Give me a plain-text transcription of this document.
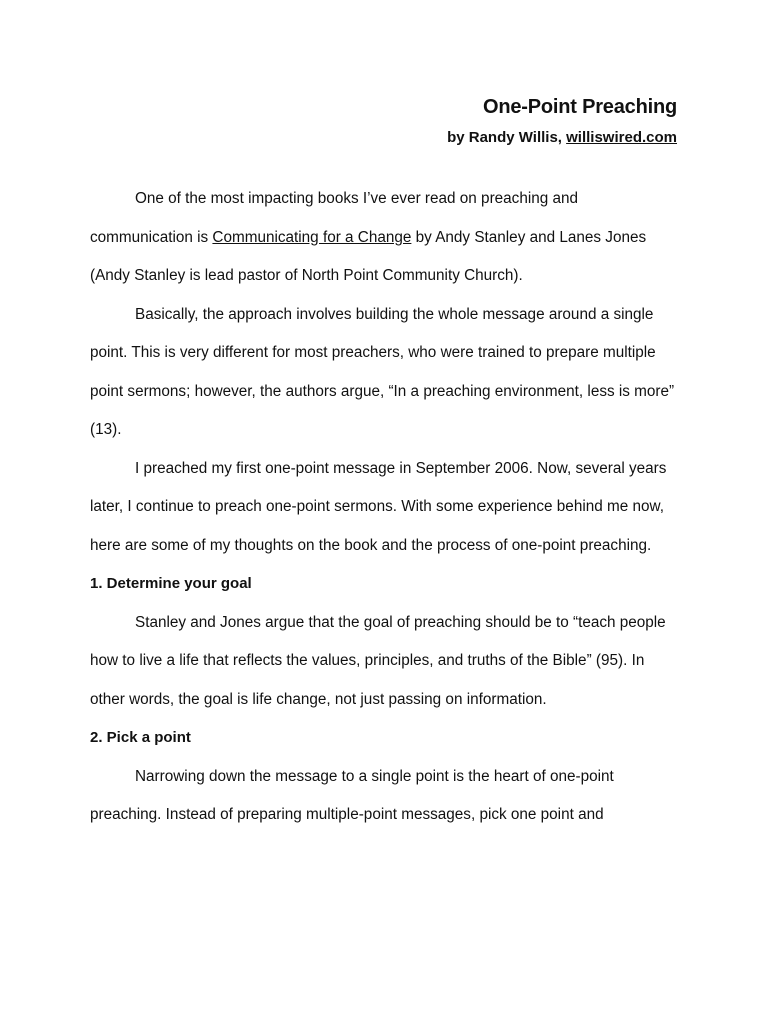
One-Point Preaching
by Randy Willis, williswired.com

One of the most impacting books I’ve ever read on preaching and communication is Communicating for a Change by Andy Stanley and Lanes Jones (Andy Stanley is lead pastor of North Point Community Church).

Basically, the approach involves building the whole message around a single point. This is very different for most preachers, who were trained to prepare multiple point sermons; however, the authors argue, “In a preaching environment, less is more” (13).

I preached my first one-point message in September 2006. Now, several years later, I continue to preach one-point sermons. With some experience behind me now, here are some of my thoughts on the book and the process of one-point preaching.

1. Determine your goal

Stanley and Jones argue that the goal of preaching should be to “teach people how to live a life that reflects the values, principles, and truths of the Bible” (95). In other words, the goal is life change, not just passing on information.

2. Pick a point

Narrowing down the message to a single point is the heart of one-point preaching. Instead of preparing multiple-point messages, pick one point and
